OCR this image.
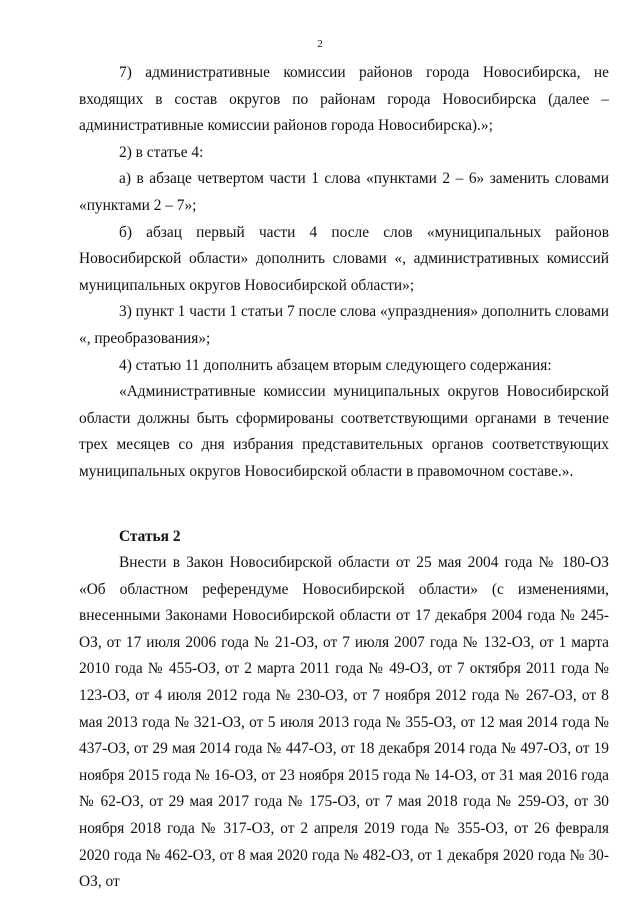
2

7) административные комиссии районов города Новосибирска, не входящих в состав округов по районам города Новосибирска (далее – административные комиссии районов города Новосибирска).»;

2) в статье 4:

а) в абзаце четвертом части 1 слова «пунктами 2 – 6» заменить словами «пунктами 2 – 7»;

б) абзац первый части 4 после слов «муниципальных районов Новосибирской области» дополнить словами «, административных комиссий муниципальных округов Новосибирской области»;

3) пункт 1 части 1 статьи 7 после слова «упразднения» дополнить словами «, преобразования»;

4) статью 11 дополнить абзацем вторым следующего содержания:

«Административные комиссии муниципальных округов Новосибирской области должны быть сформированы соответствующими органами в течение трех месяцев со дня избрания представительных органов соответствующих муниципальных округов Новосибирской области в правомочном составе.».

Статья 2

Внести в Закон Новосибирской области от 25 мая 2004 года № 180-ОЗ «Об областном референдуме Новосибирской области» (с изменениями, внесенными Законами Новосибирской области от 17 декабря 2004 года № 245-ОЗ, от 17 июля 2006 года № 21-ОЗ, от 7 июля 2007 года № 132-ОЗ, от 1 марта 2010 года № 455-ОЗ, от 2 марта 2011 года № 49-ОЗ, от 7 октября 2011 года № 123-ОЗ, от 4 июля 2012 года № 230-ОЗ, от 7 ноября 2012 года № 267-ОЗ, от 8 мая 2013 года № 321-ОЗ, от 5 июля 2013 года № 355-ОЗ, от 12 мая 2014 года № 437-ОЗ, от 29 мая 2014 года № 447-ОЗ, от 18 декабря 2014 года № 497-ОЗ, от 19 ноября 2015 года № 16-ОЗ, от 23 ноября 2015 года № 14-ОЗ, от 31 мая 2016 года № 62-ОЗ, от 29 мая 2017 года № 175-ОЗ, от 7 мая 2018 года № 259-ОЗ, от 30 ноября 2018 года № 317-ОЗ, от 2 апреля 2019 года № 355-ОЗ, от 26 февраля 2020 года № 462-ОЗ, от 8 мая 2020 года № 482-ОЗ, от 1 декабря 2020 года № 30-ОЗ, от
